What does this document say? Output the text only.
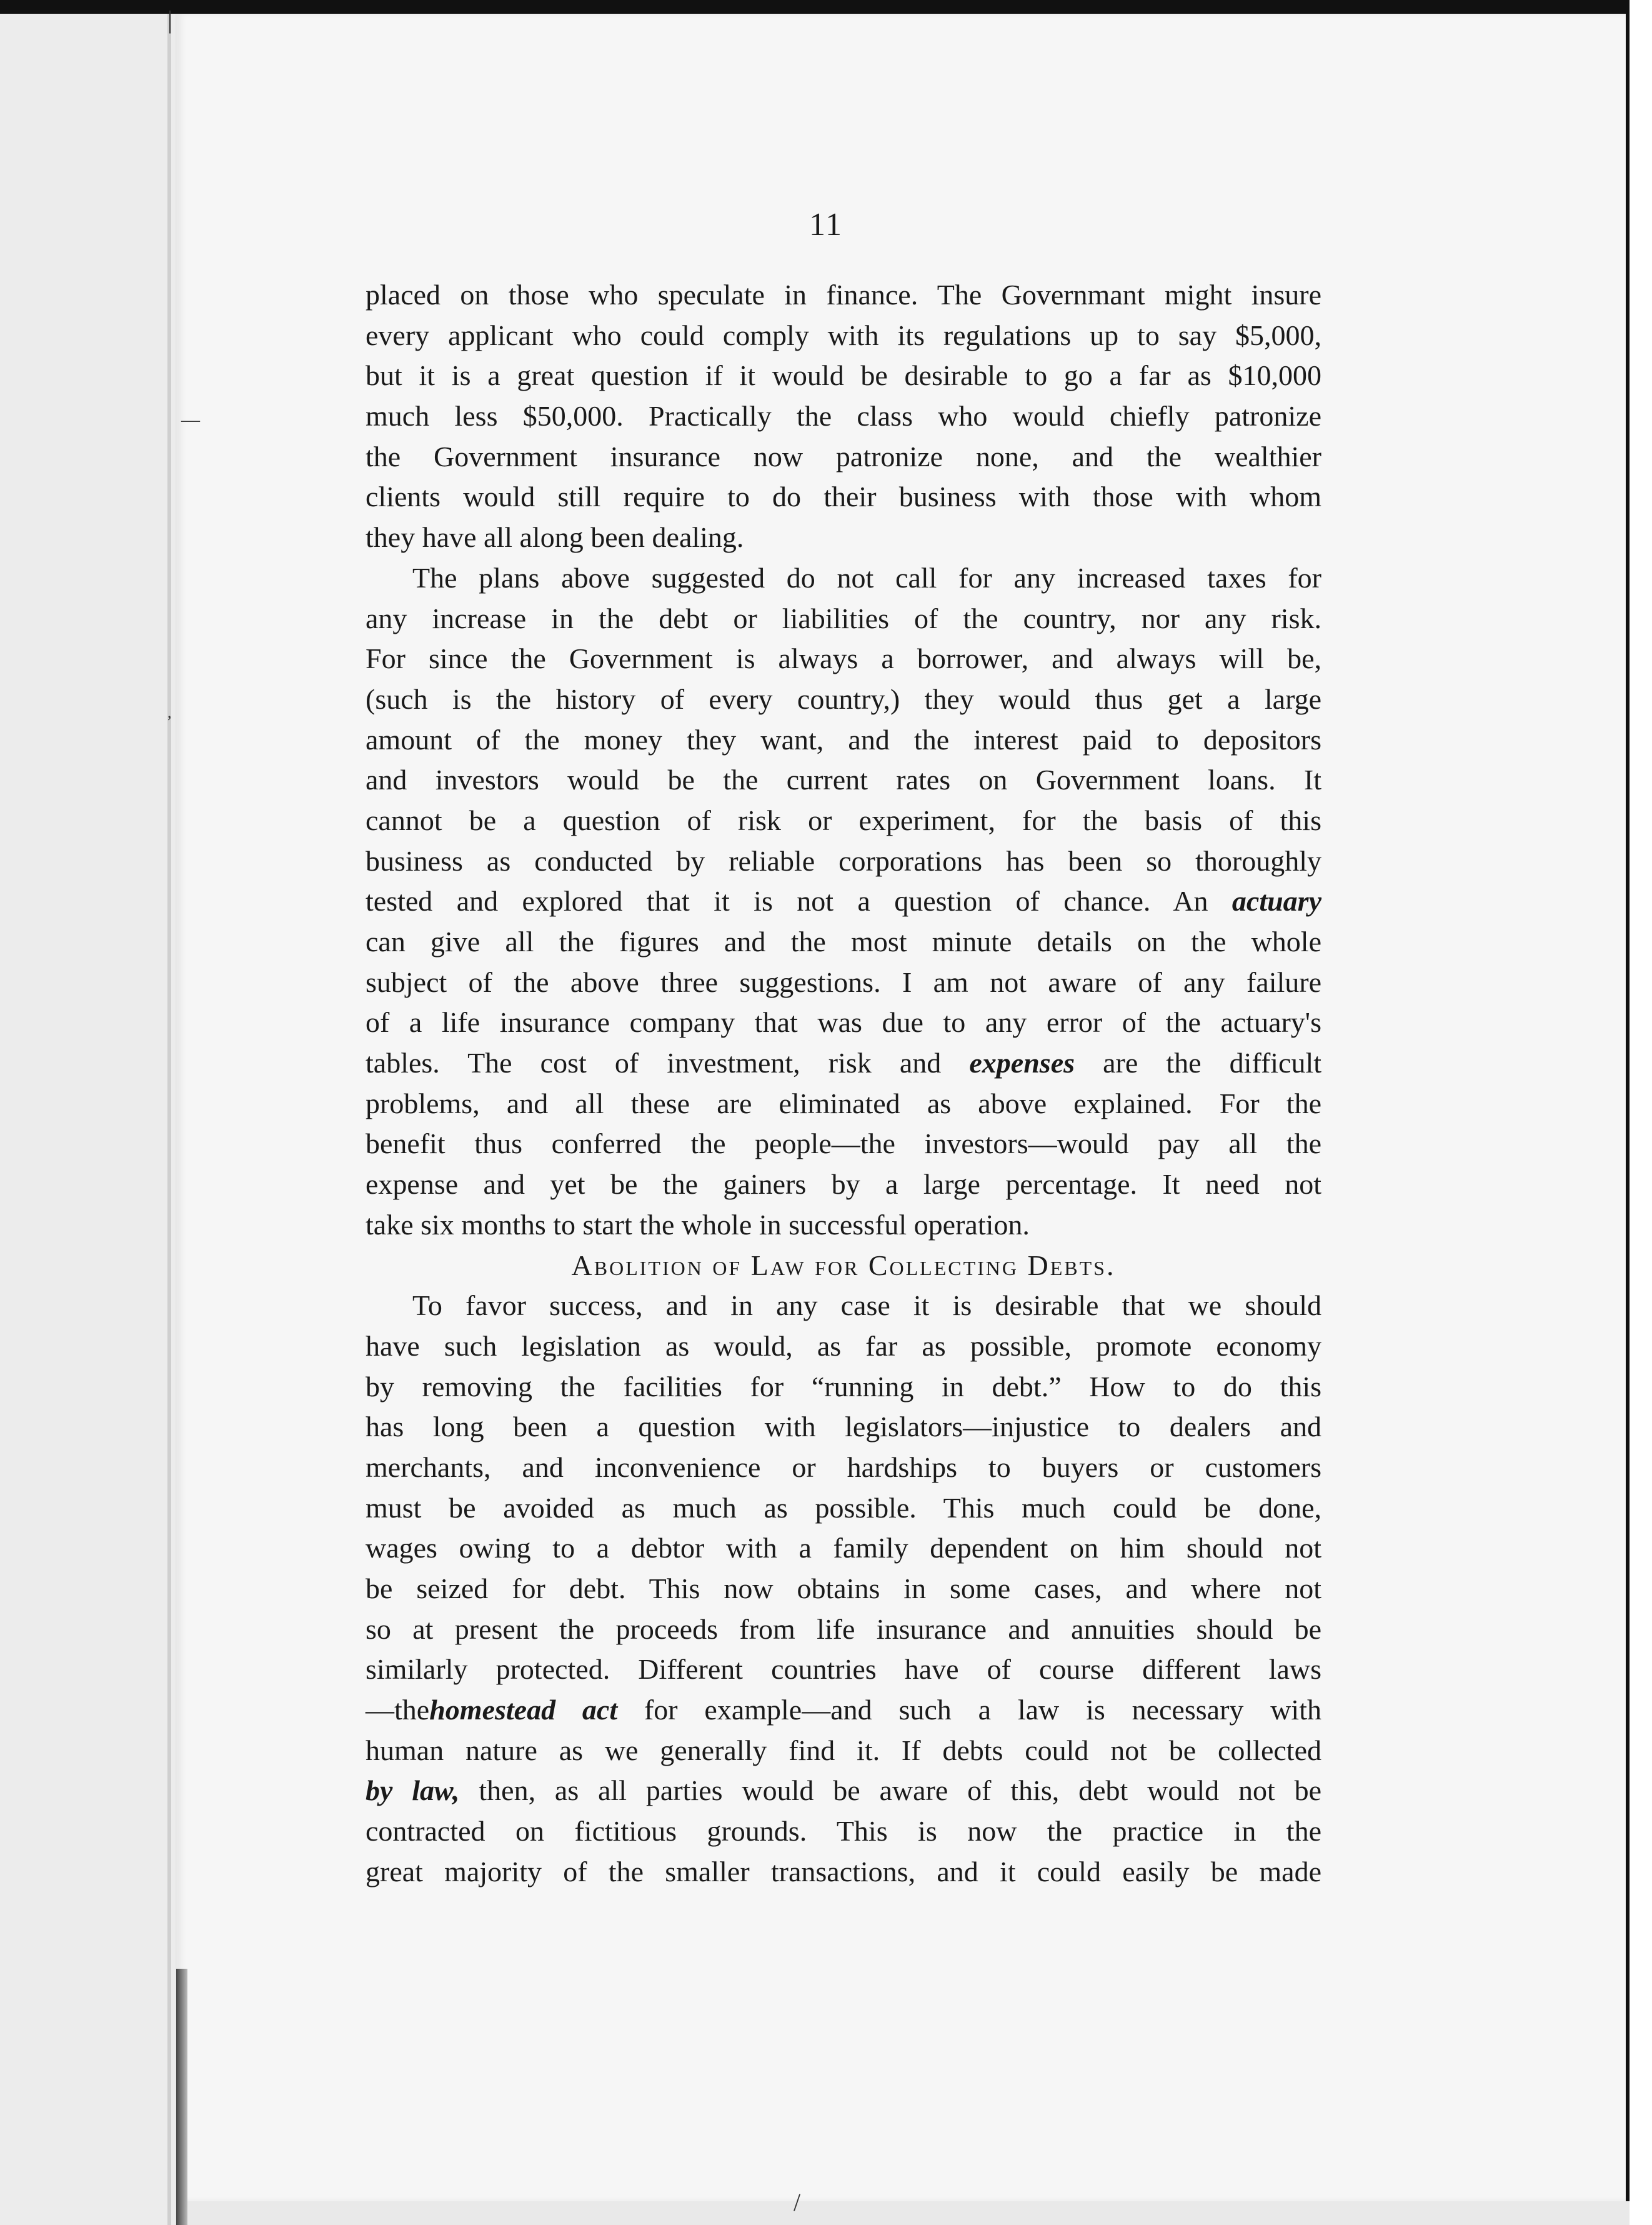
|
—
,
/
11
placed on those who speculate in finance. The Governmant might insure
every applicant who could comply with its regulations up to say $5,000,
but it is a great question if it would be desirable to go a far as $10,000
much less $50,000. Practically the class who would chiefly patronize
the Government insurance now patronize none, and the wealthier
clients would still require to do their business with those with whom
they have all along been dealing.
The plans above suggested do not call for any increased taxes for
any increase in the debt or liabilities of the country, nor any risk.
For since the Government is always a borrower, and always will be,
(such is the history of every country,) they would thus get a large
amount of the money they want, and the interest paid to depositors
and investors would be the current rates on Government loans. It
cannot be a question of risk or experiment, for the basis of this
business as conducted by reliable corporations has been so thoroughly
tested and explored that it is not a question of chance. An actuary
can give all the figures and the most minute details on the whole
subject of the above three suggestions. I am not aware of any failure
of a life insurance company that was due to any error of the actuary's
tables. The cost of investment, risk and expenses are the difficult
problems, and all these are eliminated as above explained. For the
benefit thus conferred the people—the investors—would pay all the
expense and yet be the gainers by a large percentage. It need not
take six months to start the whole in successful operation.
Abolition of Law for Collecting Debts.
To favor success, and in any case it is desirable that we should
have such legislation as would, as far as possible, promote economy
by removing the facilities for “running in debt.” How to do this
has long been a question with legislators—injustice to dealers and
merchants, and inconvenience or hardships to buyers or customers
must be avoided as much as possible. This much could be done,
wages owing to a debtor with a family dependent on him should not
be seized for debt. This now obtains in some cases, and where not
so at present the proceeds from life insurance and annuities should be
similarly protected. Different countries have of course different laws
—thehomestead act for example—and such a law is necessary with
human nature as we generally find it. If debts could not be collected
by law, then, as all parties would be aware of this, debt would not be
contracted on fictitious grounds. This is now the practice in the
great majority of the smaller transactions, and it could easily be made
